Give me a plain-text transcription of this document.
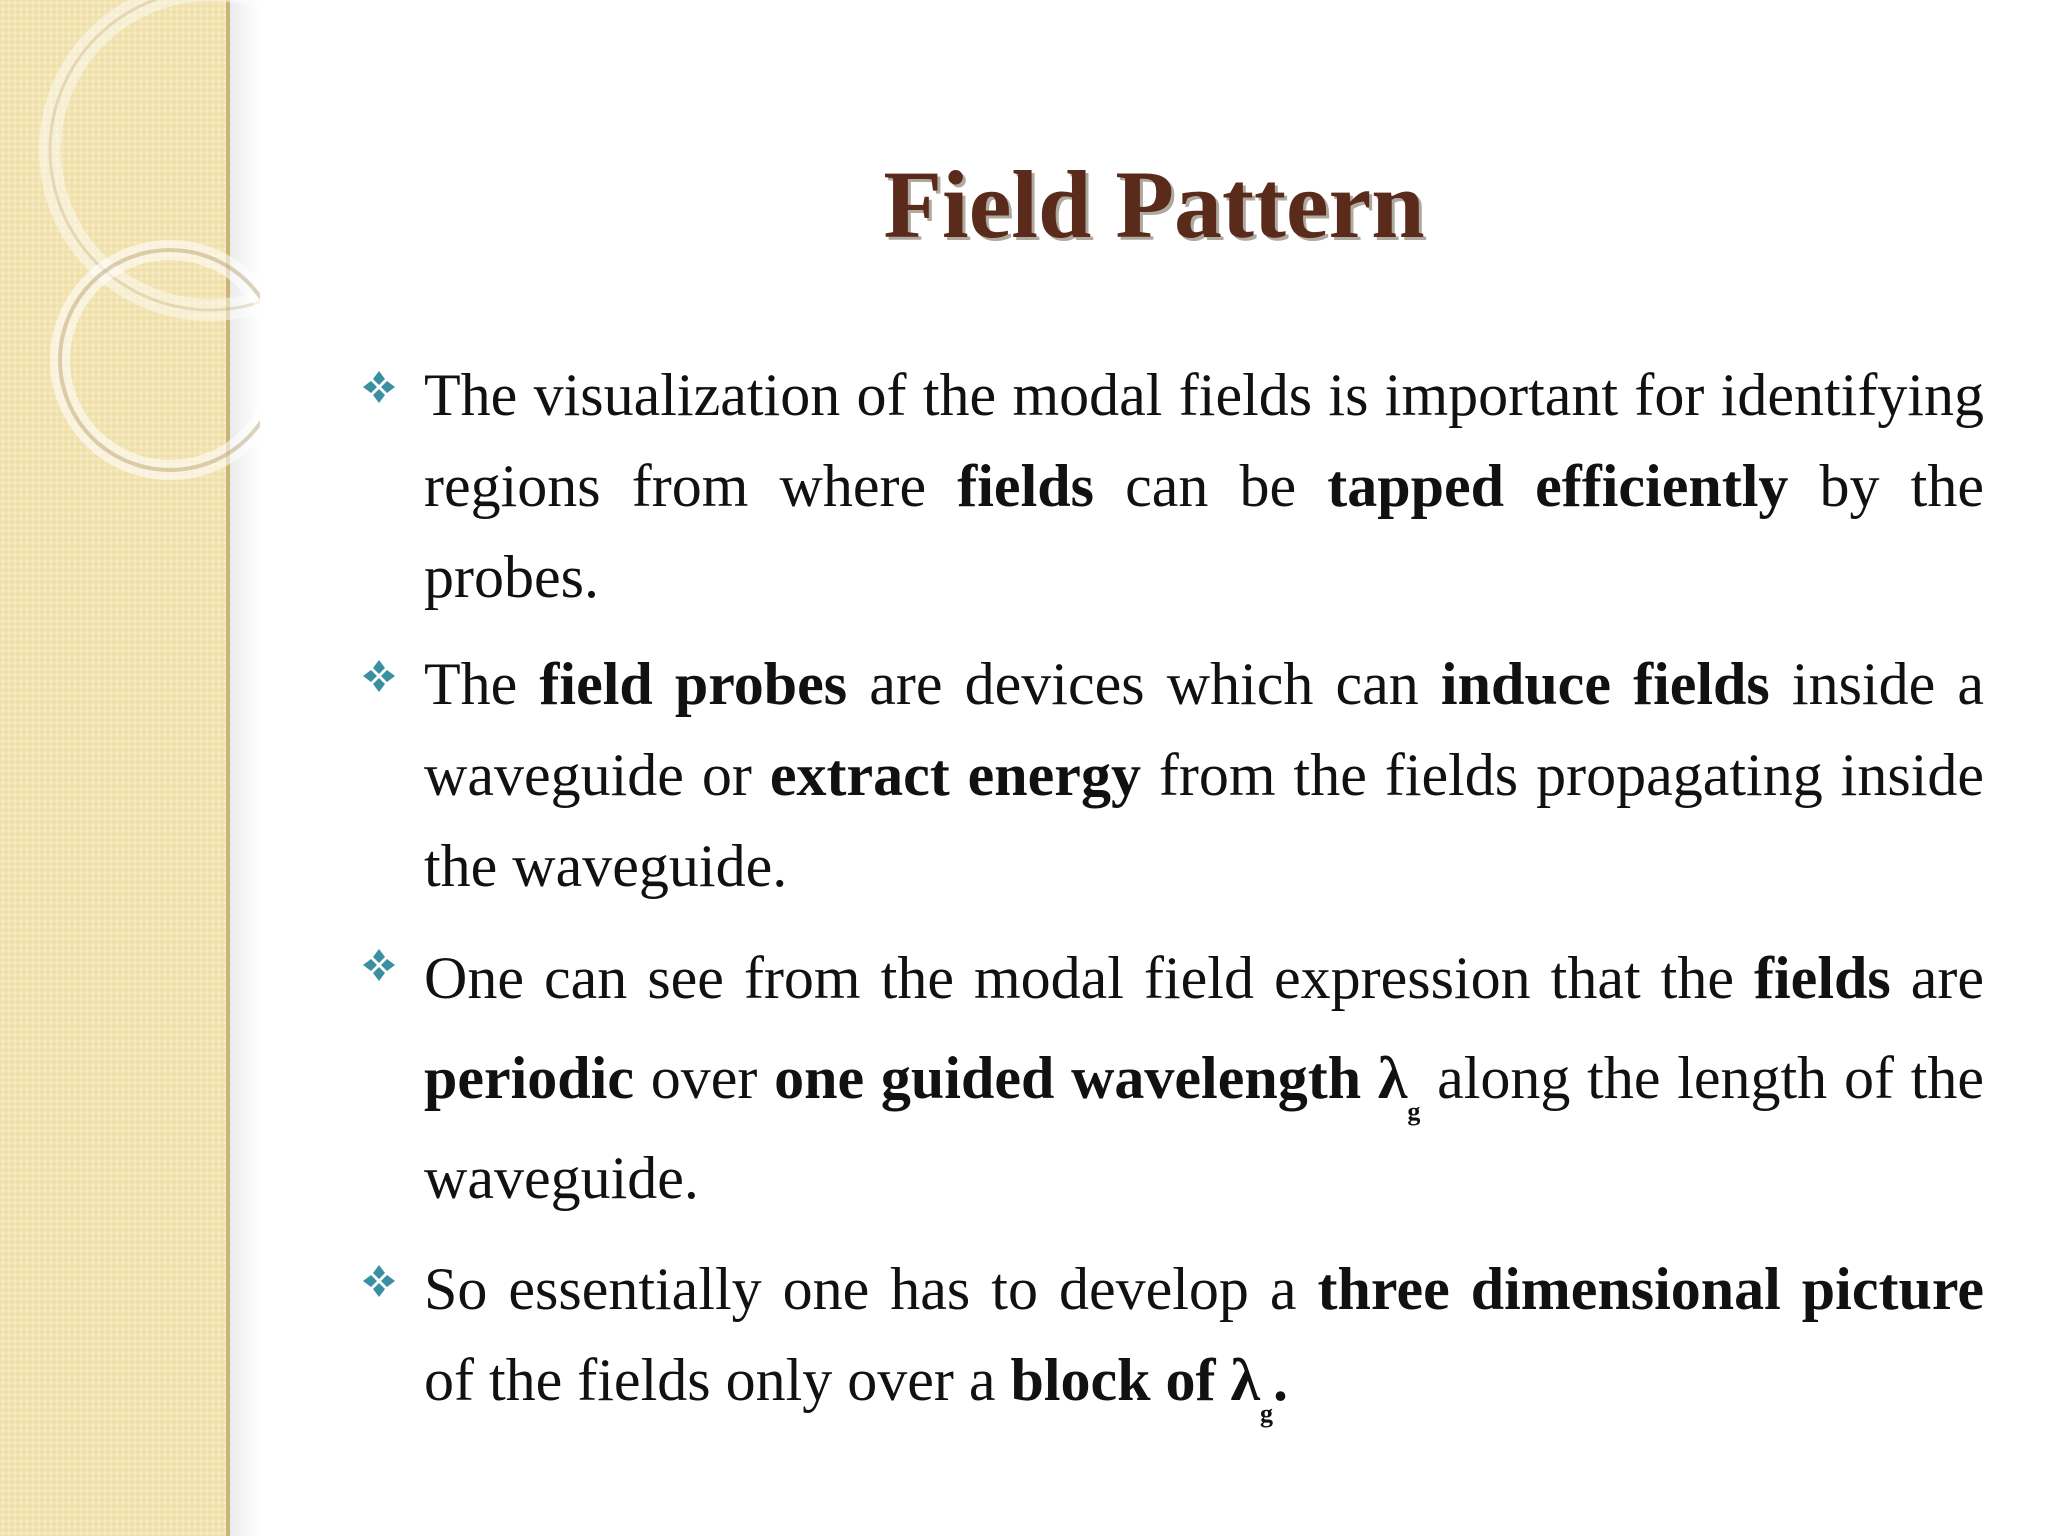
Field Pattern
The visualization of the modal fields is important for identifying regions from where fields can be tapped efficiently by the probes.
The field probes are devices which can induce fields inside a waveguide or extract energy from the fields propagating inside the waveguide.
One can see from the modal field expression that the fields are periodic over one guided wavelength $\lambda_g$ along the length of the waveguide.
So essentially one has to develop a three dimensional picture of the fields only over a block of $\lambda_g$.
